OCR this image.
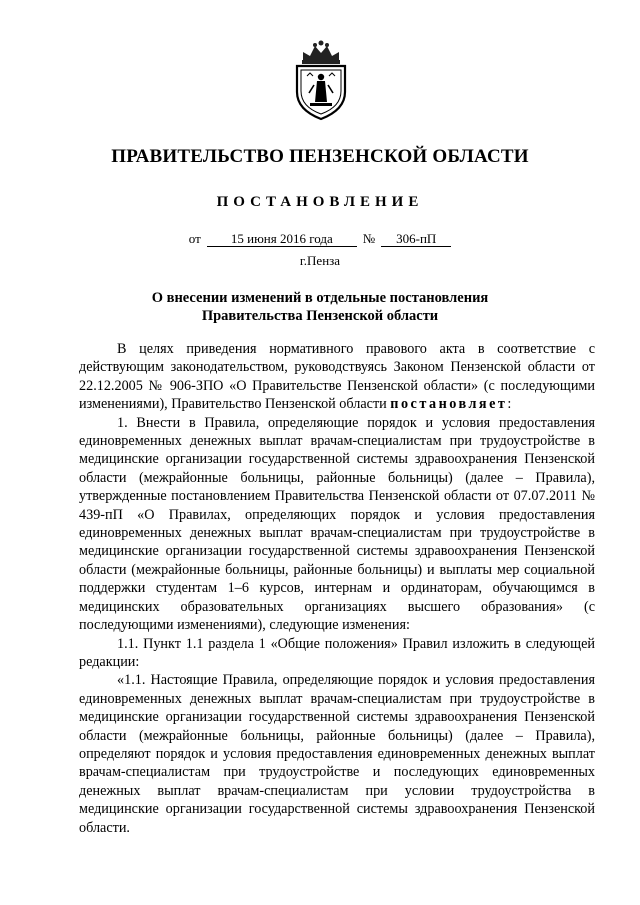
ПРАВИТЕЛЬСТВО ПЕНЗЕНСКОЙ ОБЛАСТИ
ПОСТАНОВЛЕНИЕ
от 15 июня 2016 года № 306-пП
г.Пенза
О внесении изменений в отдельные постановления
Правительства Пензенской области

В целях приведения нормативного правового акта в соответствие с действующим законодательством, руководствуясь Законом Пензенской области от 22.12.2005 № 906-ЗПО «О Правительстве Пензенской области» (с последующими изменениями), Правительство Пензенской области постановляет:

1. Внести в Правила, определяющие порядок и условия предоставления единовременных денежных выплат врачам-специалистам при трудоустройстве в медицинские организации государственной системы здравоохранения Пензенской области (межрайонные больницы, районные больницы) (далее – Правила), утвержденные постановлением Правительства Пензенской области от 07.07.2011 № 439-пП «О Правилах, определяющих порядок и условия предоставления единовременных денежных выплат врачам-специалистам при трудоустройстве в медицинские организации государственной системы здравоохранения Пензенской области (межрайонные больницы, районные больницы) и выплаты мер социальной поддержки студентам 1–6 курсов, интернам и ординаторам, обучающимся в медицинских образовательных организациях высшего образования» (с последующими изменениями), следующие изменения:

1.1. Пункт 1.1 раздела 1 «Общие положения» Правил изложить в следующей редакции:

«1.1. Настоящие Правила, определяющие порядок и условия предоставления единовременных денежных выплат врачам-специалистам при трудоустройстве в медицинские организации государственной системы здравоохранения Пензенской области (межрайонные больницы, районные больницы) (далее – Правила), определяют порядок и условия предоставления единовременных денежных выплат врачам-специалистам при трудоустройстве и последующих единовременных денежных выплат врачам-специалистам при условии трудоустройства в медицинские организации государственной системы здравоохранения Пензенской области.
